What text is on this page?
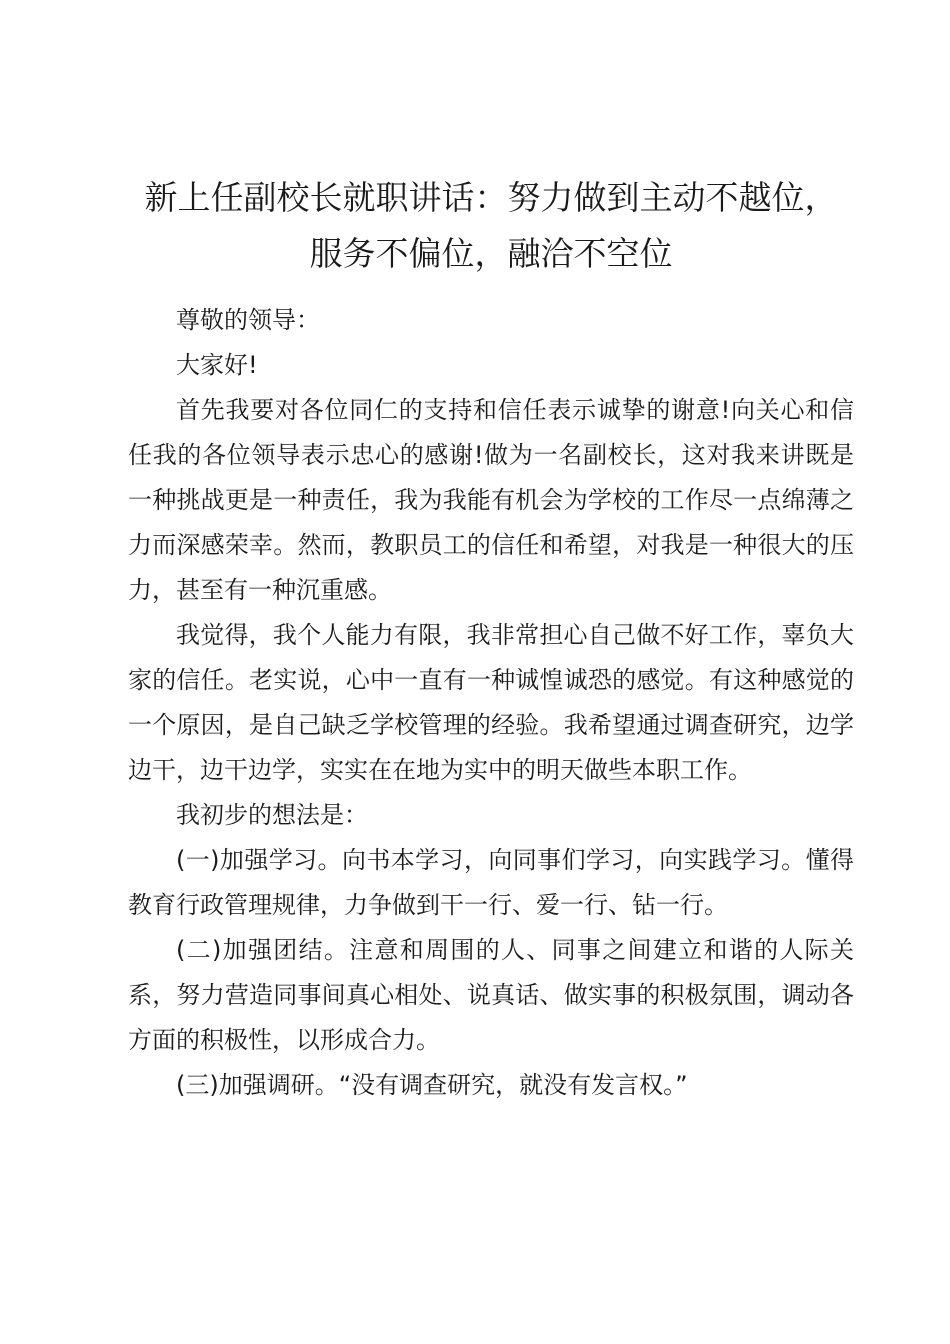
新上任副校长就职讲话：努力做到主动不越位，
服务不偏位，融洽不空位

尊敬的领导：

大家好!

首先我要对各位同仁的支持和信任表示诚挚的谢意!向关心和信任我的各位领导表示忠心的感谢!做为一名副校长，这对我来讲既是一种挑战更是一种责任，我为我能有机会为学校的工作尽一点绵薄之力而深感荣幸。然而，教职员工的信任和希望，对我是一种很大的压力，甚至有一种沉重感。

我觉得，我个人能力有限，我非常担心自己做不好工作，辜负大家的信任。老实说，心中一直有一种诚惶诚恐的感觉。有这种感觉的一个原因，是自己缺乏学校管理的经验。我希望通过调查研究，边学边干，边干边学，实实在在地为实中的明天做些本职工作。

我初步的想法是：

(一)加强学习。向书本学习，向同事们学习，向实践学习。懂得教育行政管理规律，力争做到干一行、爱一行、钻一行。

(二)加强团结。注意和周围的人、同事之间建立和谐的人际关系，努力营造同事间真心相处、说真话、做实事的积极氛围，调动各方面的积极性，以形成合力。

(三)加强调研。“没有调查研究，就没有发言权。”
